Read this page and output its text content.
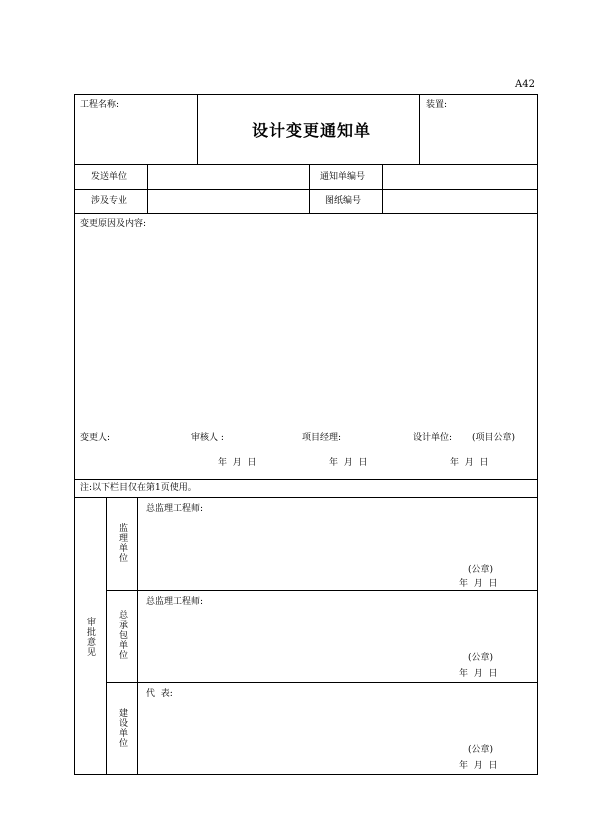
A42
工程名称:
设计变更通知单
装置:
发送单位	通知单编号
涉及专业	图纸编号
变更原因及内容:
变更人:	审核人 :	项目经理:	设计单位: (项目公章)
年  月  日	年  月  日	年  月  日
注:以下栏目仅在第1页使用。
审批意见
监理单位
总监理工程师:
(公章)
年  月  日
总承包单位
总监理工程师:
(公章)
年  月  日
建设单位
代  表:
(公章)
年  月  日
